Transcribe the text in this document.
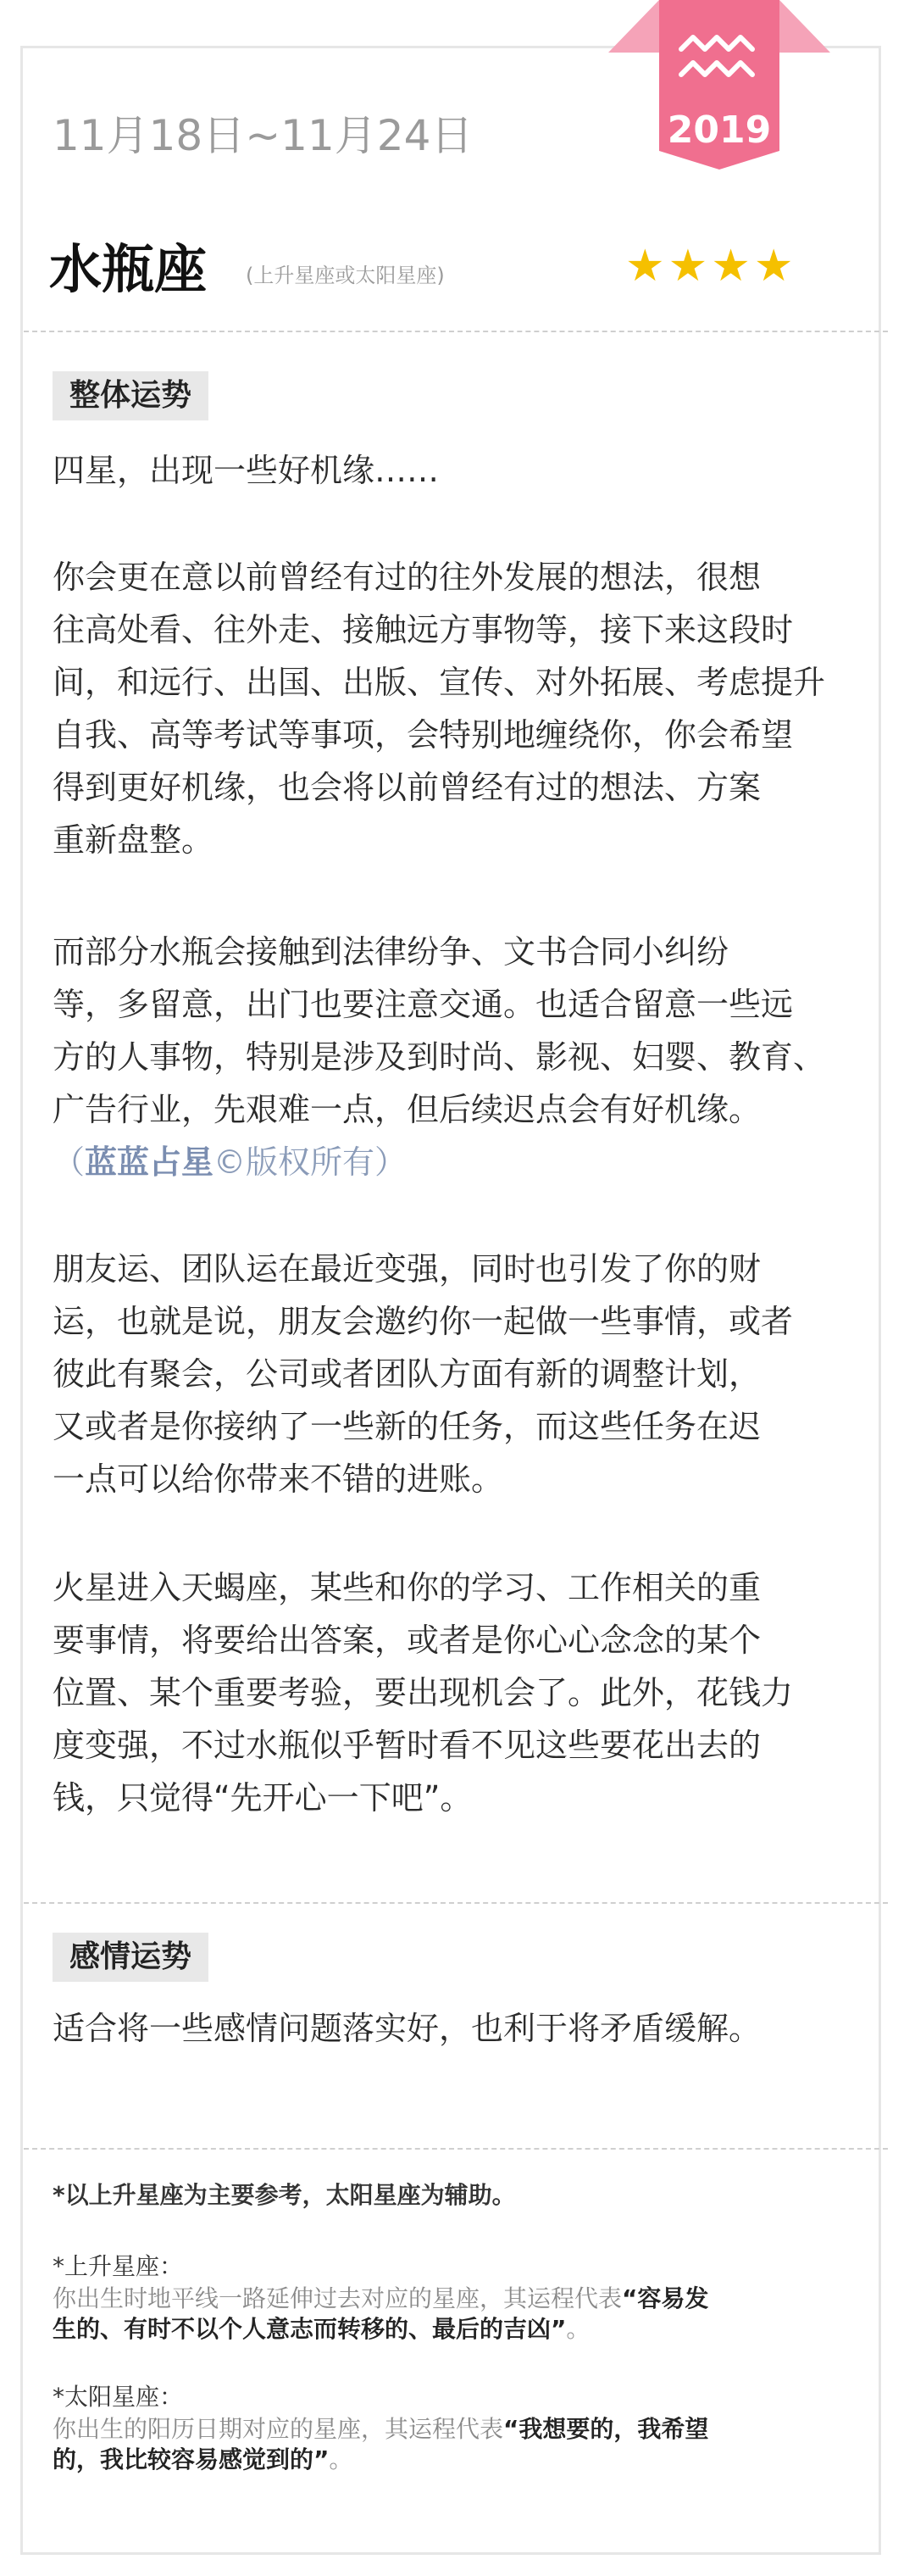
2019
11月18日~11月24日
水瓶座 (上升星座或太阳星座)	★★★★
整体运势

四星，出现一些好机缘……

你会更在意以前曾经有过的往外发展的想法，很想
往高处看、往外走、接触远方事物等，接下来这段时
间，和远行、出国、出版、宣传、对外拓展、考虑提升
自我、高等考试等事项，会特别地缠绕你，你会希望
得到更好机缘，也会将以前曾经有过的想法、方案
重新盘整。
而部分水瓶会接触到法律纷争、文书合同小纠纷
等，多留意，出门也要注意交通。也适合留意一些远
方的人事物，特别是涉及到时尚、影视、妇婴、教育、
广告行业，先艰难一点，但后续迟点会有好机缘。
（蓝蓝占星©版权所有）
朋友运、团队运在最近变强，同时也引发了你的财
运，也就是说，朋友会邀约你一起做一些事情，或者
彼此有聚会，公司或者团队方面有新的调整计划，
又或者是你接纳了一些新的任务，而这些任务在迟
一点可以给你带来不错的进账。
火星进入天蝎座，某些和你的学习、工作相关的重
要事情，将要给出答案，或者是你心心念念的某个
位置、某个重要考验，要出现机会了。此外，花钱力
度变强，不过水瓶似乎暂时看不见这些要花出去的
钱，只觉得“先开心一下吧”。
感情运势

适合将一些感情问题落实好，也利于将矛盾缓解。

*以上升星座为主要参考，太阳星座为辅助。

*上升星座：

你出生时地平线一路延伸过去对应的星座，其运程代表“容易发
生的、有时不以个人意志而转移的、最后的吉凶”。

*太阳星座：

你出生的阳历日期对应的星座，其运程代表“我想要的，我希望
的，我比较容易感觉到的”。
